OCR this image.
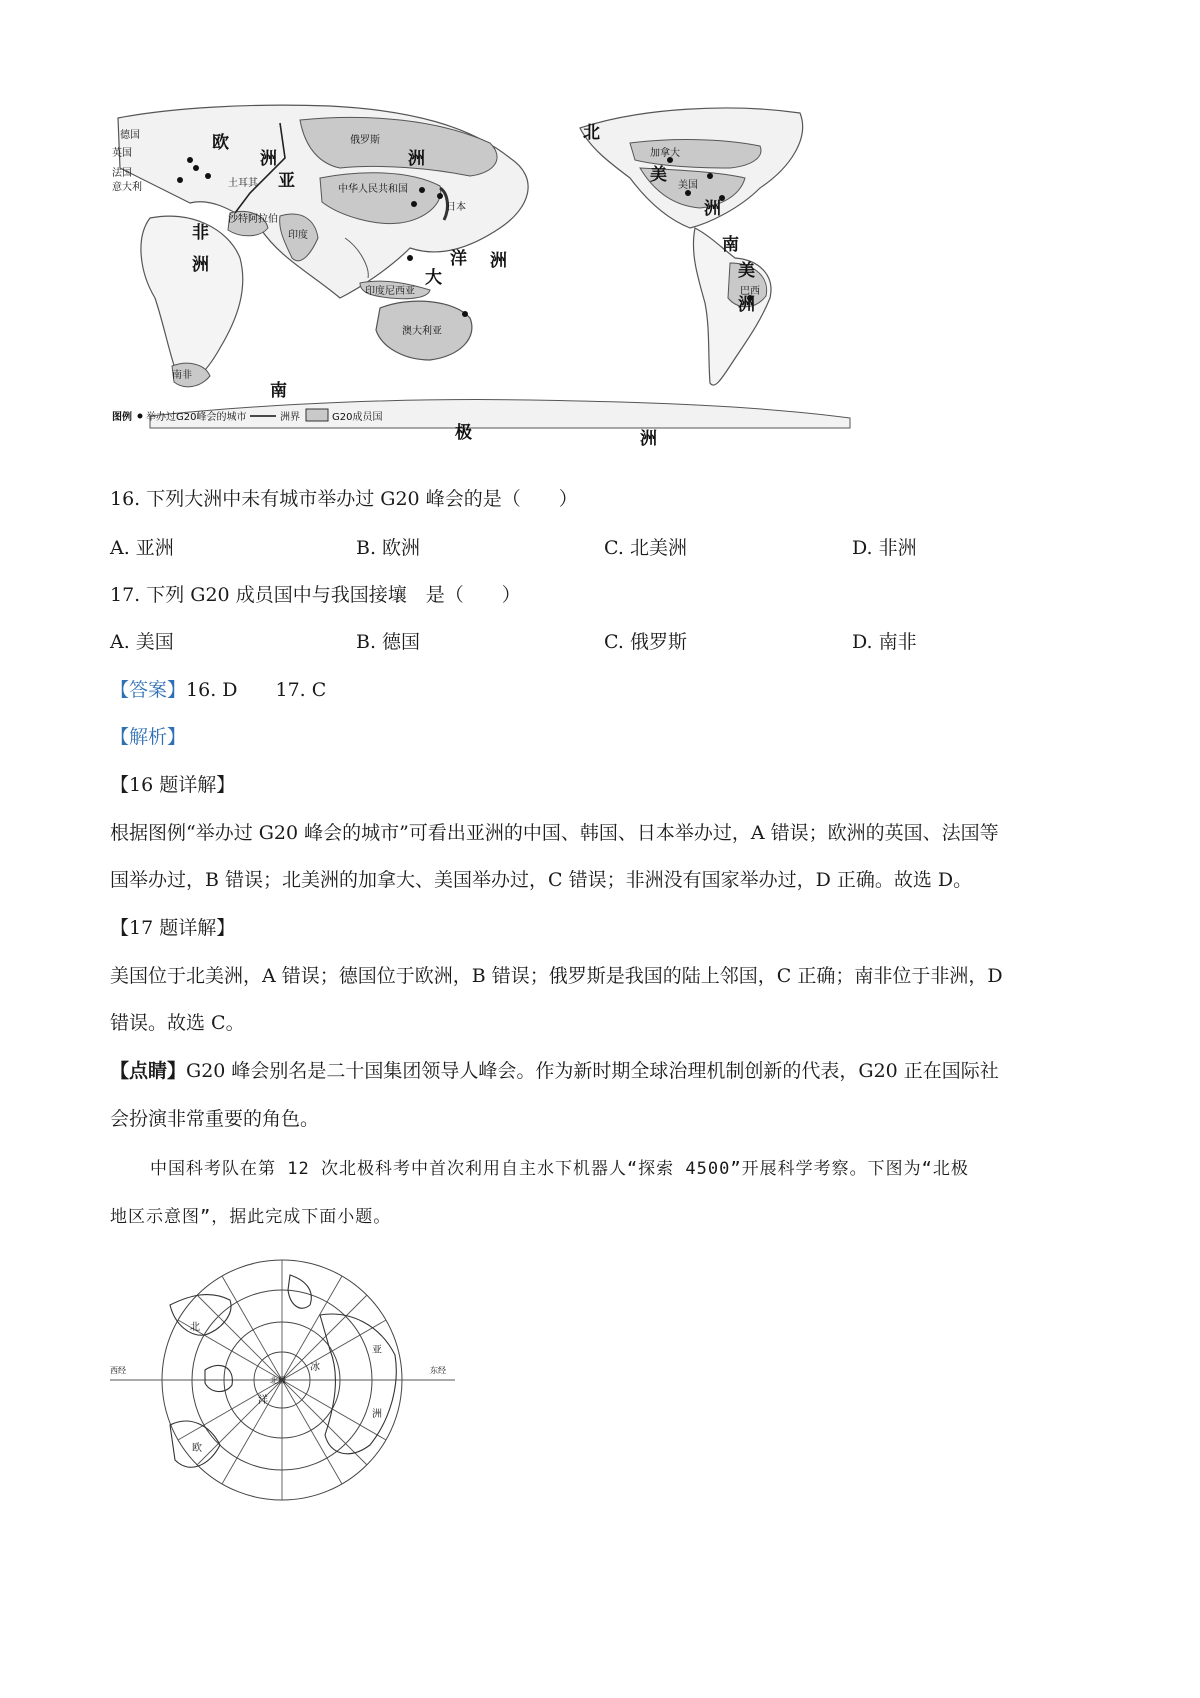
欧
洲
亚
洲
非
洲
北
美
洲
南
美
洲
大
洋 洲
南
极	洲
德国
英国
法国
意大利
俄罗斯
土耳其
中华人民共和国
日本
印度
沙特阿拉伯
印度尼西亚
澳大利亚
南非
加拿大
美国
巴西
图例 举办过G20峰会的城市	洲界	G20成员国
16. 下列大洲中未有城市举办过 G20 峰会的是（　　）
A. 亚洲	B. 欧洲	C. 北美洲	D. 非洲
17. 下列 G20 成员国中与我国接壤　是（　　）
A. 美国	B. 德国	C. 俄罗斯	D. 南非
【答案】16. D　　17. C
【解析】
【16 题详解】
根据图例“举办过 G20 峰会的城市”可看出亚洲的中国、韩国、日本举办过，A 错误；欧洲的英国、法国等
国举办过，B 错误；北美洲的加拿大、美国举办过，C 错误；非洲没有国家举办过，D 正确。故选 D。
【17 题详解】
美国位于北美洲，A 错误；德国位于欧洲，B 错误；俄罗斯是我国的陆上邻国，C 正确；南非位于非洲，D
错误。故选 C。
【点睛】G20 峰会别名是二十国集团领导人峰会。作为新时期全球治理机制创新的代表，G20 正在国际社
会扮演非常重要的角色。
中国科考队在第 12 次北极科考中首次利用自主水下机器人“探索 4500”开展科学考察。下图为“北极
地区示意图”，据此完成下面小题。
北
冰
洋
亚
洲
欧
北极
西经	东经
